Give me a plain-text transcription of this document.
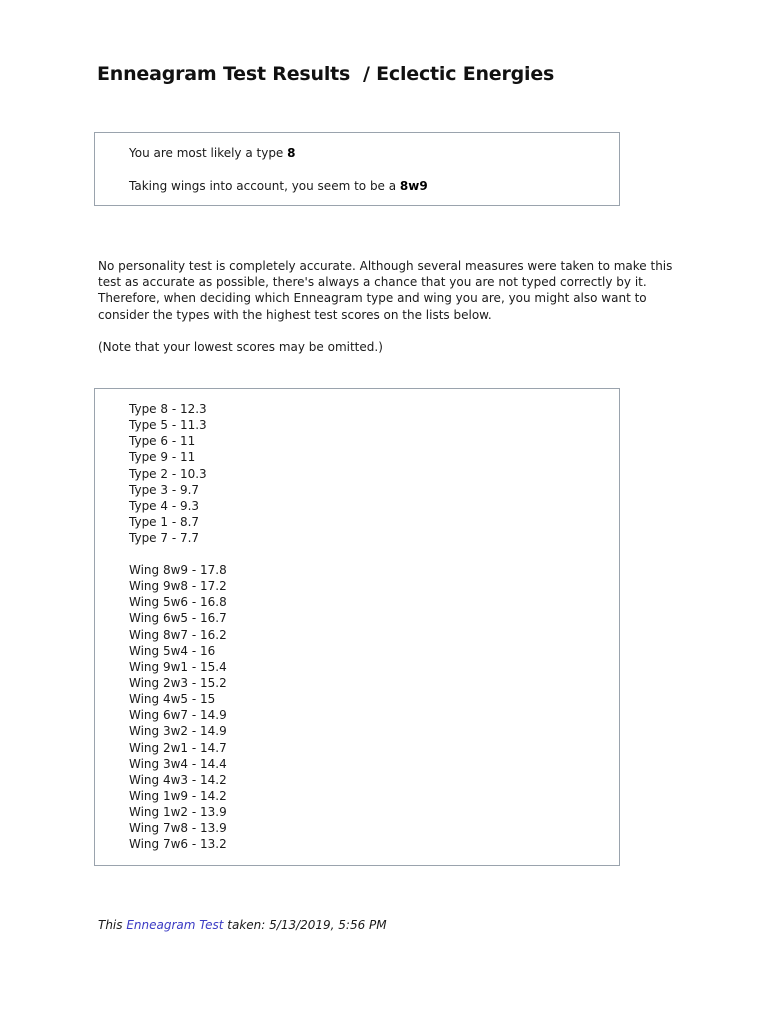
Enneagram Test Results  / Eclectic Energies
You are most likely a type 8
Taking wings into account, you seem to be a 8w9

No personality test is completely accurate. Although several measures were taken to make this test as accurate as possible, there's always a chance that you are not typed correctly by it. Therefore, when deciding which Enneagram type and wing you are, you might also want to consider the types with the highest test scores on the lists below.

(Note that your lowest scores may be omitted.)

Type 8 - 12.3
Type 5 - 11.3
Type 6 - 11
Type 9 - 11
Type 2 - 10.3
Type 3 - 9.7
Type 4 - 9.3
Type 1 - 8.7
Type 7 - 7.7
Wing 8w9 - 17.8
Wing 9w8 - 17.2
Wing 5w6 - 16.8
Wing 6w5 - 16.7
Wing 8w7 - 16.2
Wing 5w4 - 16
Wing 9w1 - 15.4
Wing 2w3 - 15.2
Wing 4w5 - 15
Wing 6w7 - 14.9
Wing 3w2 - 14.9
Wing 2w1 - 14.7
Wing 3w4 - 14.4
Wing 4w3 - 14.2
Wing 1w9 - 14.2
Wing 1w2 - 13.9
Wing 7w8 - 13.9
Wing 7w6 - 13.2

This Enneagram Test taken: 5/13/2019, 5:56 PM
